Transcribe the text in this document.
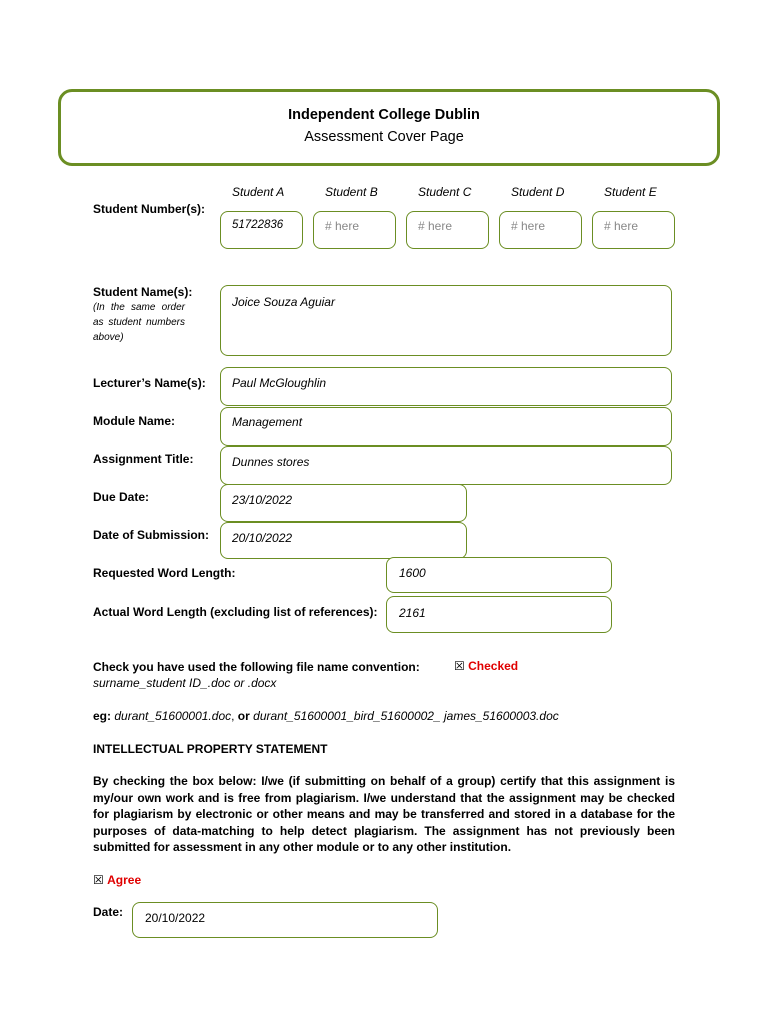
Independent College Dublin
Assessment Cover Page
Student A	Student B	Student C	Student D	Student E
Student Number(s):
51722836	# here	# here	# here	# here
Student Name(s):
(In the same order as student numbers above)
Joice Souza Aguiar
Lecturer’s Name(s): Paul McGloughlin
Module Name:	Management
Assignment Title:	Dunnes stores
Due Date:	23/10/2022
Date of Submission: 20/10/2022
Requested Word Length:	1600
Actual Word Length (excluding list of references): 2161
Check you have used the following file name convention:	☒ Checked
surname_student ID_.doc or .docx
eg: durant_51600001.doc, or durant_51600001_bird_51600002_ james_51600003.doc
INTELLECTUAL PROPERTY STATEMENT
By checking the box below: I/we (if submitting on behalf of a group) certify that this assignment is my/our own work and is free from plagiarism. I/we understand that the assignment may be checked for plagiarism by electronic or other means and may be transferred and stored in a database for the purposes of data-matching to help detect plagiarism. The assignment has not previously been submitted for assessment in any other module or to any other institution.
☒ Agree
Date: 20/10/2022
